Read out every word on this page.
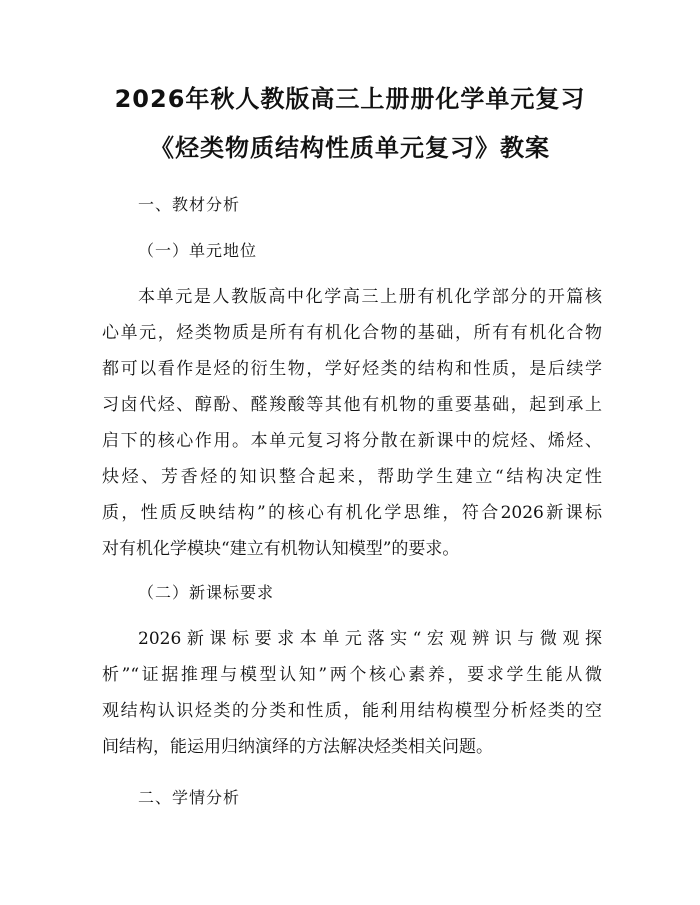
2026年秋人教版高三上册册化学单元复习
《烃类物质结构性质单元复习》教案
一、教材分析
（一）单元地位
本单元是人教版高中化学高三上册有机化学部分的开篇核
心单元，烃类物质是所有有机化合物的基础，所有有机化合物
都可以看作是烃的衍生物，学好烃类的结构和性质，是后续学
习卤代烃、醇酚、醛羧酸等其他有机物的重要基础，起到承上
启下的核心作用。本单元复习将分散在新课中的烷烃、烯烃、
炔烃、芳香烃的知识整合起来，帮助学生建立“结构决定性
质，性质反映结构”的核心有机化学思维，符合2026新课标
对有机化学模块“建立有机物认知模型”的要求。
（二）新课标要求
2026新课标要求本单元落实“宏观辨识与微观探
析”“证据推理与模型认知”两个核心素养，要求学生能从微
观结构认识烃类的分类和性质，能利用结构模型分析烃类的空
间结构，能运用归纳演绎的方法解决烃类相关问题。
二、学情分析
